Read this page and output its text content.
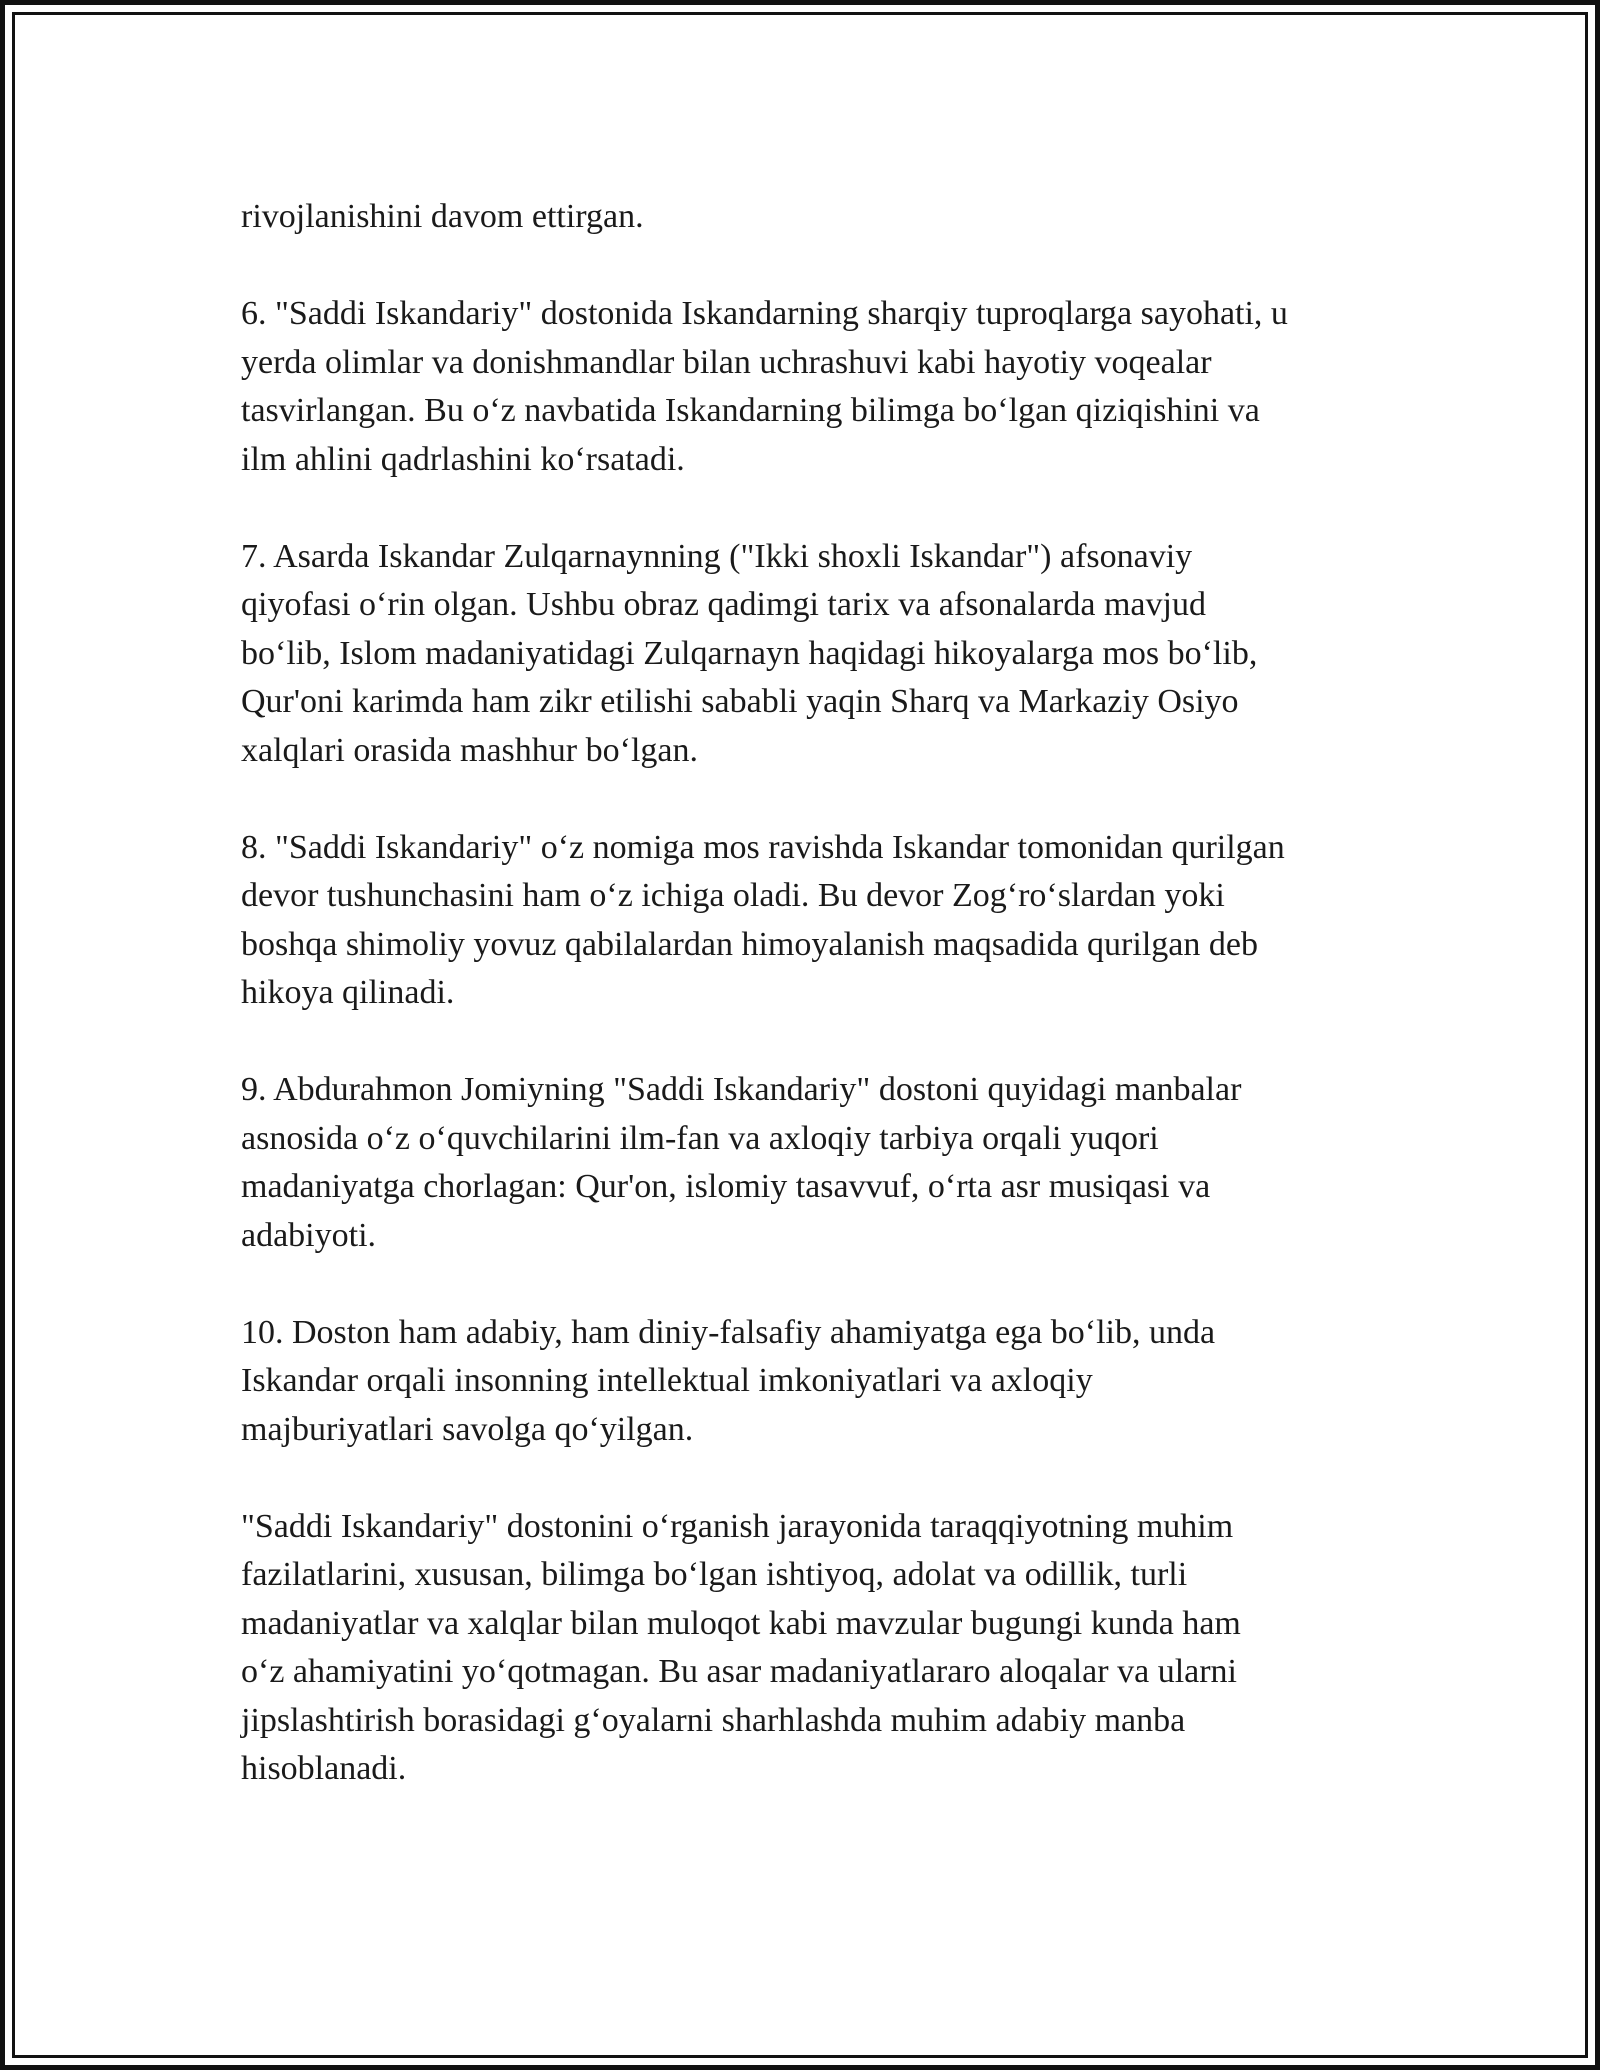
rivojlanishini davom ettirgan.

6. "Saddi Iskandariy" dostonida Iskandarning sharqiy tuproqlarga sayohati, u
yerda olimlar va donishmandlar bilan uchrashuvi kabi hayotiy voqealar
tasvirlangan. Bu oʻz navbatida Iskandarning bilimga boʻlgan qiziqishini va
ilm ahlini qadrlashini koʻrsatadi.

7. Asarda Iskandar Zulqarnaynning ("Ikki shoxli Iskandar") afsonaviy
qiyofasi oʻrin olgan. Ushbu obraz qadimgi tarix va afsonalarda mavjud
boʻlib, Islom madaniyatidagi Zulqarnayn haqidagi hikoyalarga mos boʻlib,
Qur'oni karimda ham zikr etilishi sababli yaqin Sharq va Markaziy Osiyo
xalqlari orasida mashhur boʻlgan.

8. "Saddi Iskandariy" oʻz nomiga mos ravishda Iskandar tomonidan qurilgan
devor tushunchasini ham oʻz ichiga oladi. Bu devor Zogʻroʻslardan yoki
boshqa shimoliy yovuz qabilalardan himoyalanish maqsadida qurilgan deb
hikoya qilinadi.

9. Abdurahmon Jomiyning "Saddi Iskandariy" dostoni quyidagi manbalar
asnosida oʻz oʻquvchilarini ilm-fan va axloqiy tarbiya orqali yuqori
madaniyatga chorlagan: Qur'on, islomiy tasavvuf, oʻrta asr musiqasi va
adabiyoti.

10. Doston ham adabiy, ham diniy-falsafiy ahamiyatga ega boʻlib, unda
Iskandar orqali insonning intellektual imkoniyatlari va axloqiy
majburiyatlari savolga qoʻyilgan.

"Saddi Iskandariy" dostonini oʻrganish jarayonida taraqqiyotning muhim
fazilatlarini, xususan, bilimga boʻlgan ishtiyoq, adolat va odillik, turli
madaniyatlar va xalqlar bilan muloqot kabi mavzular bugungi kunda ham
oʻz ahamiyatini yoʻqotmagan. Bu asar madaniyatlararo aloqalar va ularni
jipslashtirish borasidagi gʻoyalarni sharhlashda muhim adabiy manba
hisoblanadi.
